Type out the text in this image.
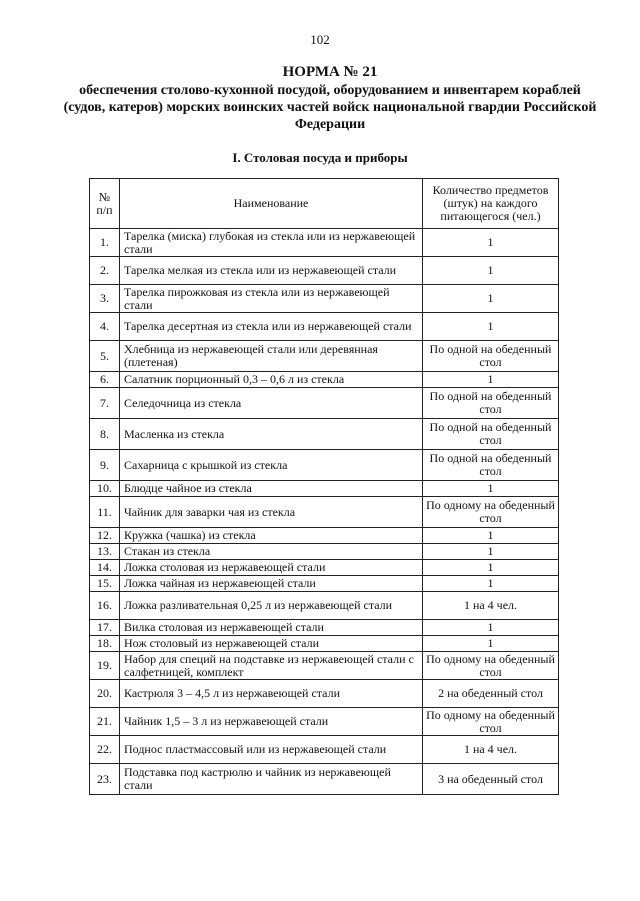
102
НОРМА № 21
обеспечения столово-кухонной посудой, оборудованием и инвентарем кораблей (судов, катеров) морских воинских частей войск национальной гвардии Российской Федерации
I. Столовая посуда и приборы
№ п/п	Наименование	Количество предметов (штук) на каждого питающегося (чел.)
1.	Тарелка (миска) глубокая из стекла или из нержавеющей стали	1
2.	Тарелка мелкая из стекла или из нержавеющей стали	1
3.	Тарелка пирожковая из стекла или из нержавеющей стали	1
4.	Тарелка десертная из стекла или из нержавеющей стали	1
5.	Хлебница из нержавеющей стали или деревянная (плетеная)	По одной на обеденный стол
6.	Салатник порционный 0,3 – 0,6 л из стекла	1
7.	Селедочница из стекла	По одной на обеденный стол
8.	Масленка из стекла	По одной на обеденный стол
9.	Сахарница с крышкой из стекла	По одной на обеденный стол
10.	Блюдце чайное из стекла	1
11.	Чайник для заварки чая из стекла	По одному на обеденный стол
12.	Кружка (чашка) из стекла	1
13.	Стакан из стекла	1
14.	Ложка столовая из нержавеющей стали	1
15.	Ложка чайная из нержавеющей стали	1
16.	Ложка разливательная 0,25 л из нержавеющей стали	1 на 4 чел.
17.	Вилка столовая из нержавеющей стали	1
18.	Нож столовый из нержавеющей стали	1
19.	Набор для специй на подставке из нержавеющей стали с салфетницей, комплект	По одному на обеденный стол
20.	Кастрюля 3 – 4,5 л из нержавеющей стали	2 на обеденный стол
21.	Чайник 1,5 – 3 л из нержавеющей стали	По одному на обеденный стол
22.	Поднос пластмассовый или из нержавеющей стали	1 на 4 чел.
23.	Подставка под кастрюлю и чайник из нержавеющей стали	3 на обеденный стол
